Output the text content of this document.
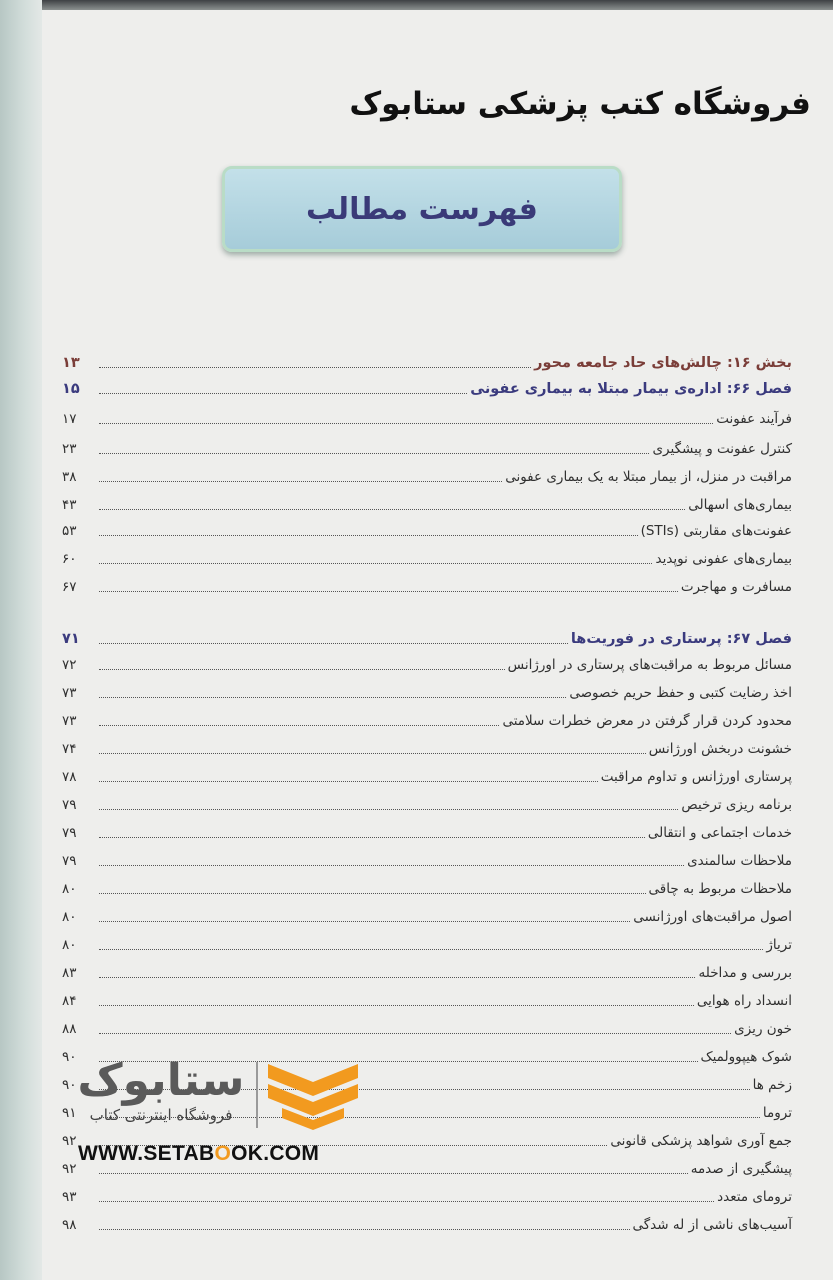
فروشگاه کتب پزشکی ستابوک
فهرست مطالب
بخش ۱۶: چالش‌های حاد جامعه محور
۱۳
فصل ۶۶: اداره‌ی بیمار مبتلا به بیماری عفونی
۱۵
فرآیند عفونت
۱۷
کنترل عفونت و پیشگیری
۲۳
مراقبت در منزل، از بیمار مبتلا به یک بیماری عفونی
۳۸
بیماری‌های اسهالی
۴۳
عفونت‌های مقاربتی (STIs)
۵۳
بیماری‌های عفونی نوپدید
۶۰
مسافرت و مهاجرت
۶۷
فصل ۶۷: پرستاری در فوریت‌ها
۷۱
مسائل مربوط به مراقبت‌های پرستاری در اورژانس
۷۲
اخذ رضایت کتبی و حفظ حریم خصوصی
۷۳
محدود کردن قرار گرفتن در معرض خطرات سلامتی
۷۳
خشونت دربخش اورژانس
۷۴
پرستاری اورژانس و تداوم مراقبت
۷۸
برنامه ریزی ترخیص
۷۹
خدمات اجتماعی و انتقالی
۷۹
ملاحظات سالمندی
۷۹
ملاحظات مربوط به چاقی
۸۰
اصول مراقبت‌های اورژانسی
۸۰
تریاژ
۸۰
بررسی و مداخله
۸۳
انسداد راه هوایی
۸۴
خون ریزی
۸۸
شوک هیپوولمیک
۹۰
زخم ها
۹۰
تروما
۹۱
جمع آوری شواهد پزشکی قانونی
۹۲
پیشگیری از صدمه
۹۲
ترومای متعدد
۹۳
آسیب‌های ناشی از له شدگی
۹۸
ستابوک
فروشگاه اینترنتی کتاب
WWW.SETABOOK.COM
